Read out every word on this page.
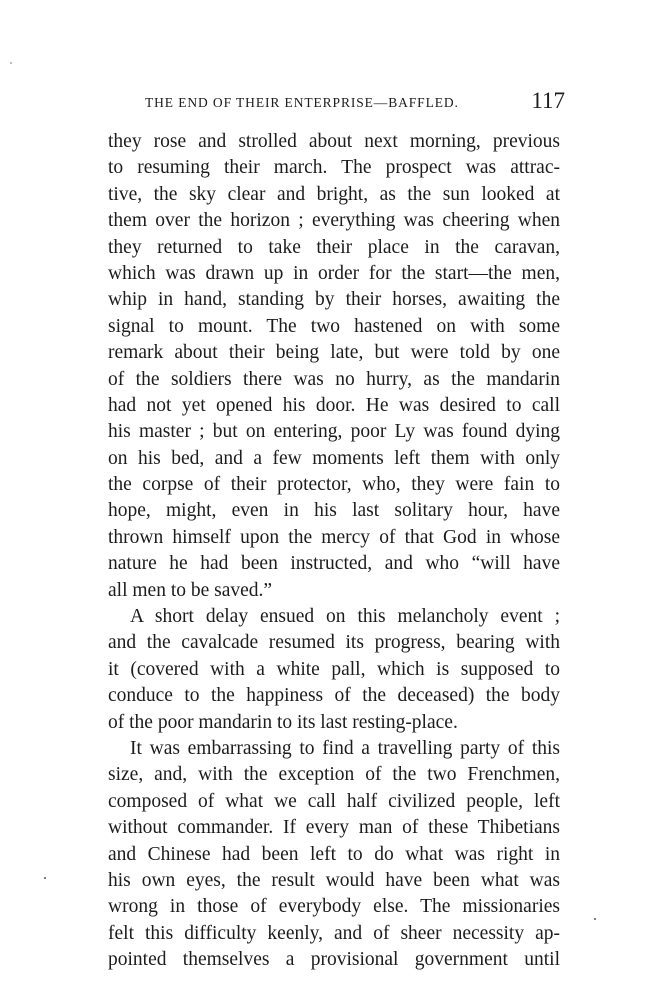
THE END OF THEIR ENTERPRISE—BAFFLED.	117
they rose and strolled about next morning, previous
to resuming their march. The prospect was attrac-
tive, the sky clear and bright, as the sun looked at
them over the horizon ; everything was cheering when
they returned to take their place in the caravan,
which was drawn up in order for the start—the men,
whip in hand, standing by their horses, awaiting the
signal to mount. The two hastened on with some
remark about their being late, but were told by one
of the soldiers there was no hurry, as the mandarin
had not yet opened his door. He was desired to call
his master ; but on entering, poor Ly was found dying
on his bed, and a few moments left them with only
the corpse of their protector, who, they were fain to
hope, might, even in his last solitary hour, have
thrown himself upon the mercy of that God in whose
nature he had been instructed, and who “will have
all men to be saved.”
A short delay ensued on this melancholy event ;
and the cavalcade resumed its progress, bearing with
it (covered with a white pall, which is supposed to
conduce to the happiness of the deceased) the body
of the poor mandarin to its last resting-place.
It was embarrassing to find a travelling party of this
size, and, with the exception of the two Frenchmen,
composed of what we call half civilized people, left
without commander. If every man of these Thibetians
and Chinese had been left to do what was right in
his own eyes, the result would have been what was
wrong in those of everybody else. The missionaries
felt this difficulty keenly, and of sheer necessity ap-
pointed themselves a provisional government until
